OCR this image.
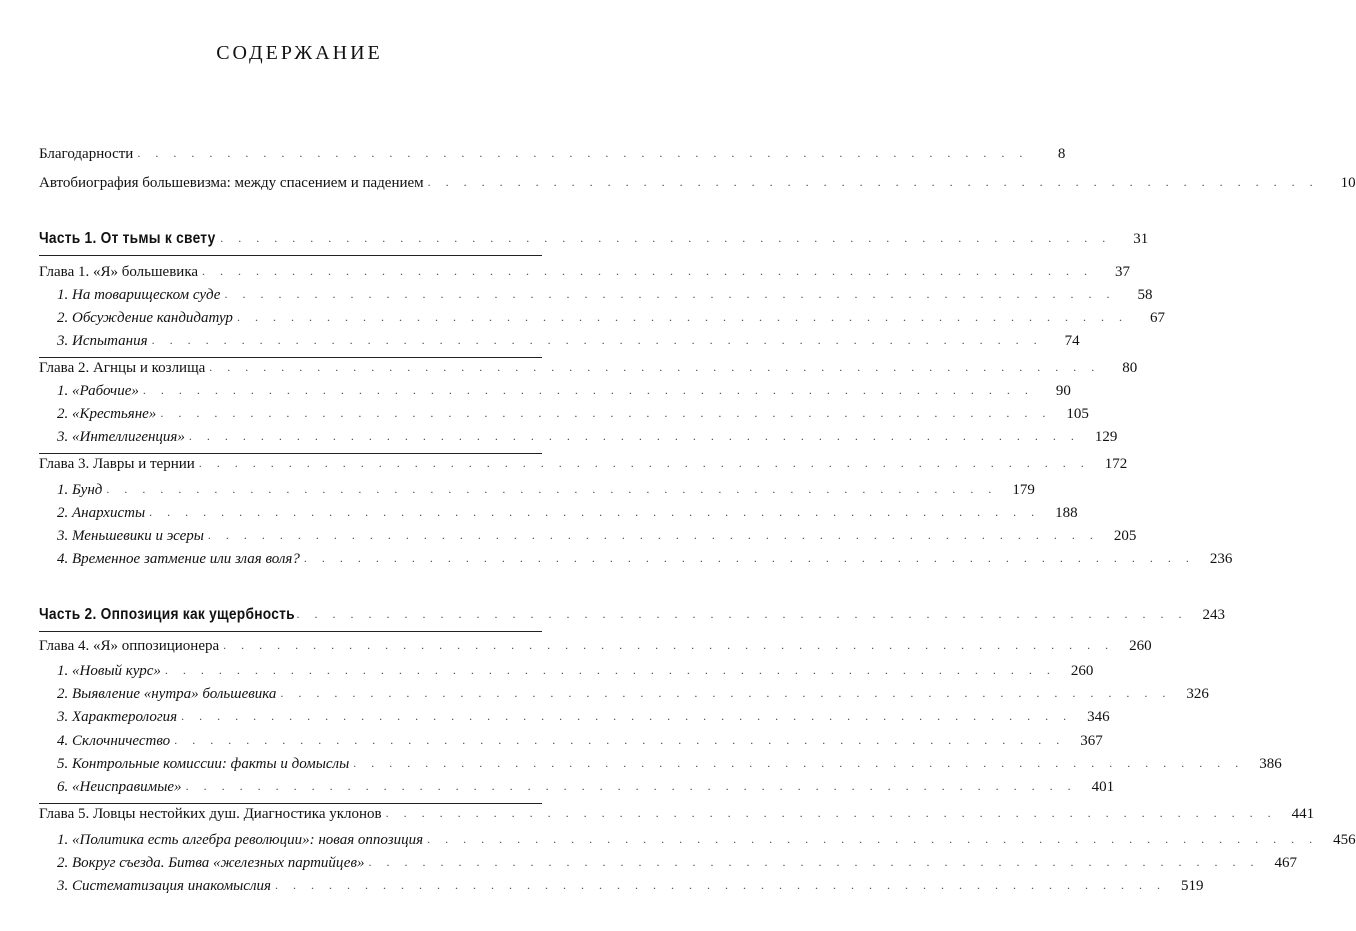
СОДЕРЖАНИЕ
Благодарности ..................................................	8
Автобиография большевизма: между спасением и падением .................................................. 10
Часть 1. От тьмы к свету .................................................. 31
Глава 1. «Я» большевика .................................................. 37
1. На товарищеском суде .................................................. 58
2. Обсуждение кандидатур .................................................. 67
3. Испытания .................................................. 74
Глава 2. Агнцы и козлища .................................................. 80
1. «Рабочие» .................................................. 90
2. «Крестьяне» .................................................. 105
3. «Интеллигенция» .................................................. 129
Глава 3. Лавры и тернии .................................................. 172
1. Бунд .................................................. 179
2. Анархисты .................................................. 188
3. Меньшевики и эсеры .................................................. 205
4. Временное затмение или злая воля? .................................................. 236
Часть 2. Оппозиция как ущербность .................................................. 243
Глава 4. «Я» оппозиционера .................................................. 260
1. «Новый курс» .................................................. 260
2. Выявление «нутра» большевика .................................................. 326
3. Характерология .................................................. 346
4. Склочничество .................................................. 367
5. Контрольные комиссии: факты и домыслы .................................................. 386
6. «Неисправимые» .................................................. 401
Глава 5. Ловцы нестойких душ. Диагностика уклонов .................................................. 441
1. «Политика есть алгебра революции»: новая оппозиция .................................................. 456
2. Вокруг съезда. Битва «железных партийцев» .................................................. 467
3. Систематизация инакомыслия .................................................. 519
